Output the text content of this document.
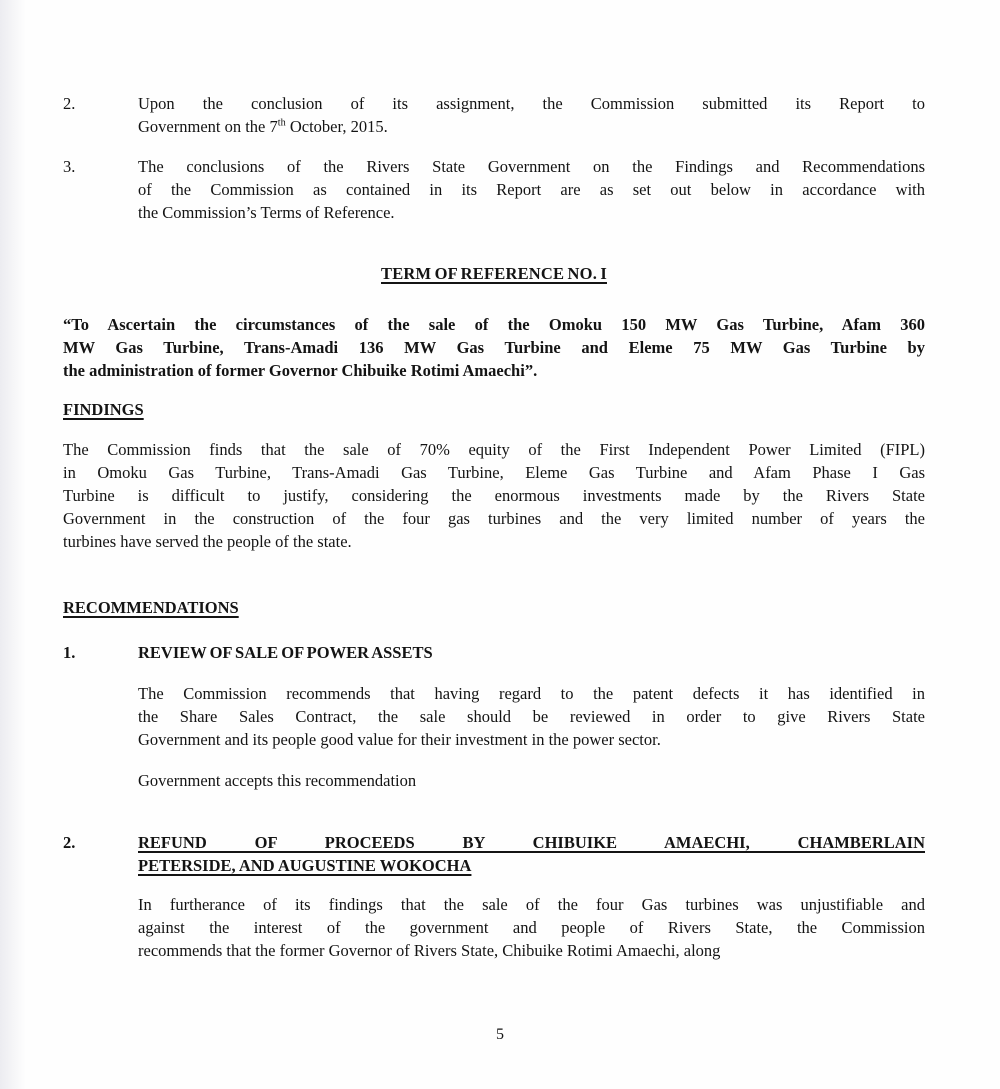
2.	Upon the conclusion of its assignment, the Commission submitted its Report to
Government on the 7th October, 2015.
3.	The conclusions of the Rivers State Government on the Findings and Recommendations
of the Commission as contained in its Report are as set out below in accordance with
the Commission’s Terms of Reference.
TERM OF REFERENCE NO. I
“To Ascertain the circumstances of the sale of the Omoku 150 MW Gas Turbine, Afam 360
MW Gas Turbine, Trans-Amadi 136 MW Gas Turbine and Eleme 75 MW Gas Turbine by
the administration of former Governor Chibuike Rotimi Amaechi”.
FINDINGS
The Commission finds that the sale of 70% equity of the First Independent Power Limited (FIPL)
in Omoku Gas Turbine, Trans-Amadi Gas Turbine, Eleme Gas Turbine and Afam Phase I Gas
Turbine is difficult to justify, considering the enormous investments made by the Rivers State
Government in the construction of the four gas turbines and the very limited number of years the
turbines have served the people of the state.
RECOMMENDATIONS
1.	REVIEW OF SALE OF POWER ASSETS
The Commission recommends that having regard to the patent defects it has identified in
the Share Sales Contract, the sale should be reviewed in order to give Rivers State
Government and its people good value for their investment in the power sector.
Government accepts this recommendation
2.	REFUND OF PROCEEDS BY CHIBUIKE AMAECHI, CHAMBERLAIN
PETERSIDE, AND AUGUSTINE WOKOCHA
In furtherance of its findings that the sale of the four Gas turbines was unjustifiable and
against the interest of the government and people of Rivers State, the Commission
recommends that the former Governor of Rivers State, Chibuike Rotimi Amaechi, along
5
